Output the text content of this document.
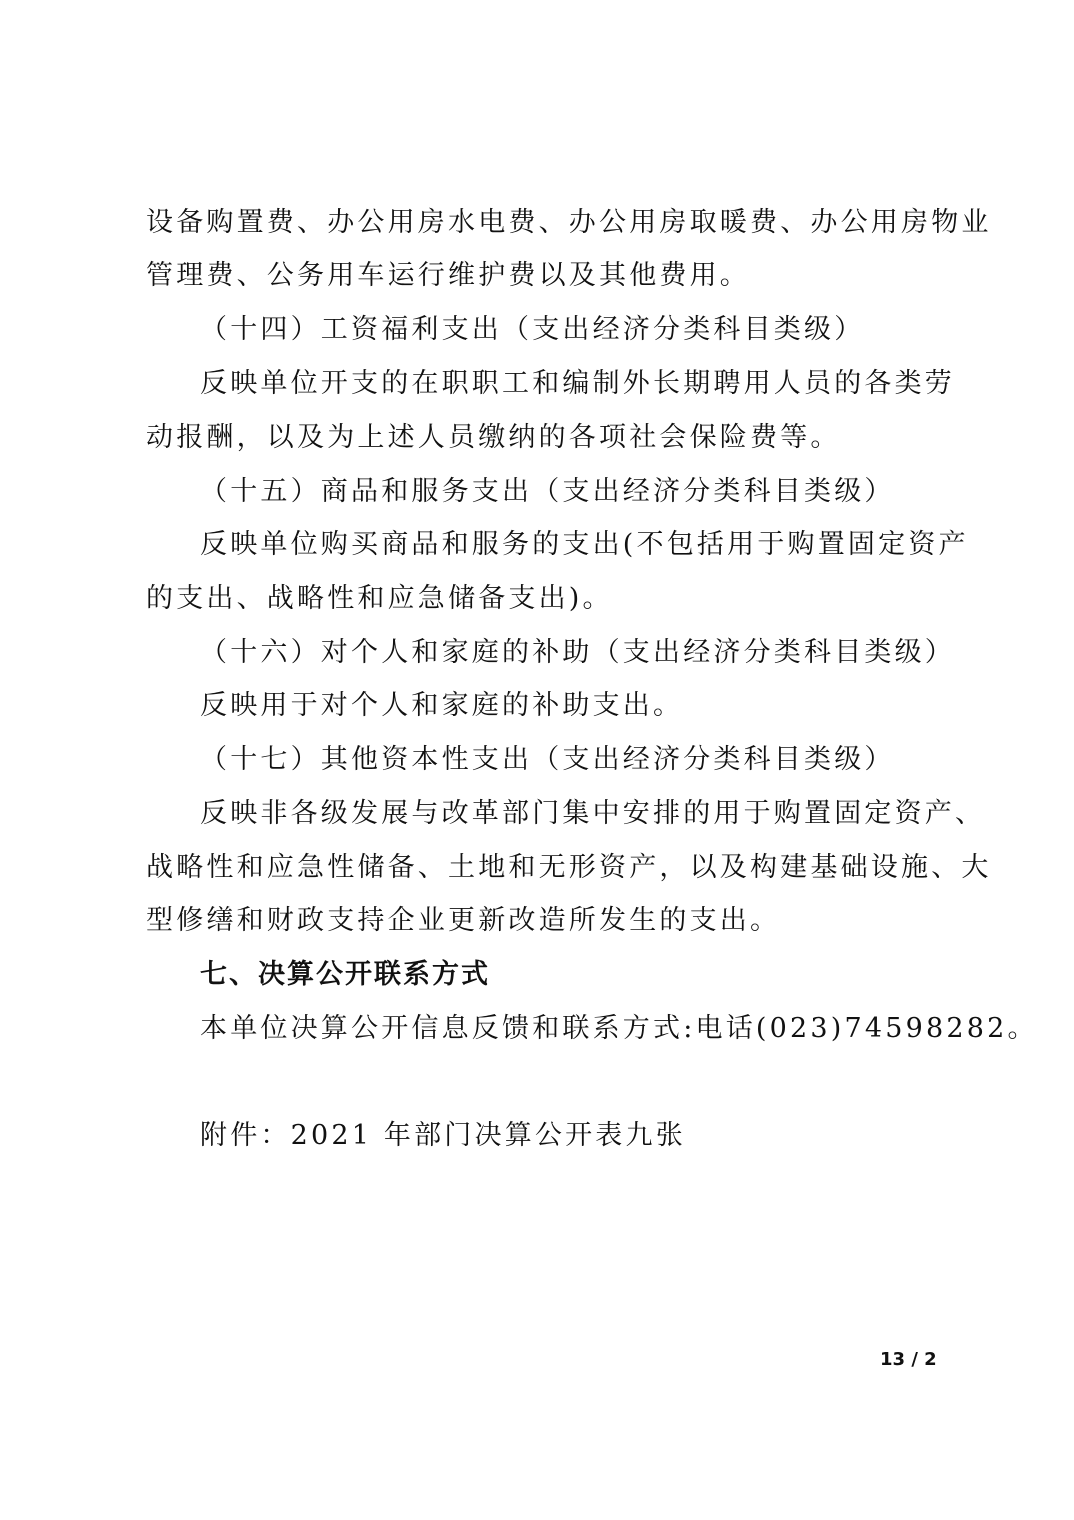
设备购置费、办公用房水电费、办公用房取暖费、办公用房物业
管理费、公务用车运行维护费以及其他费用。
（十四）工资福利支出（支出经济分类科目类级）
反映单位开支的在职职工和编制外长期聘用人员的各类劳
动报酬，以及为上述人员缴纳的各项社会保险费等。
（十五）商品和服务支出（支出经济分类科目类级）
反映单位购买商品和服务的支出(不包括用于购置固定资产
的支出、战略性和应急储备支出)。
（十六）对个人和家庭的补助（支出经济分类科目类级）
反映用于对个人和家庭的补助支出。
（十七）其他资本性支出（支出经济分类科目类级）
反映非各级发展与改革部门集中安排的用于购置固定资产、
战略性和应急性储备、土地和无形资产，以及构建基础设施、大
型修缮和财政支持企业更新改造所发生的支出。
七、决算公开联系方式
本单位决算公开信息反馈和联系方式:电话(023)74598282。
附件：2021 年部门决算公开表九张
13 / 2
